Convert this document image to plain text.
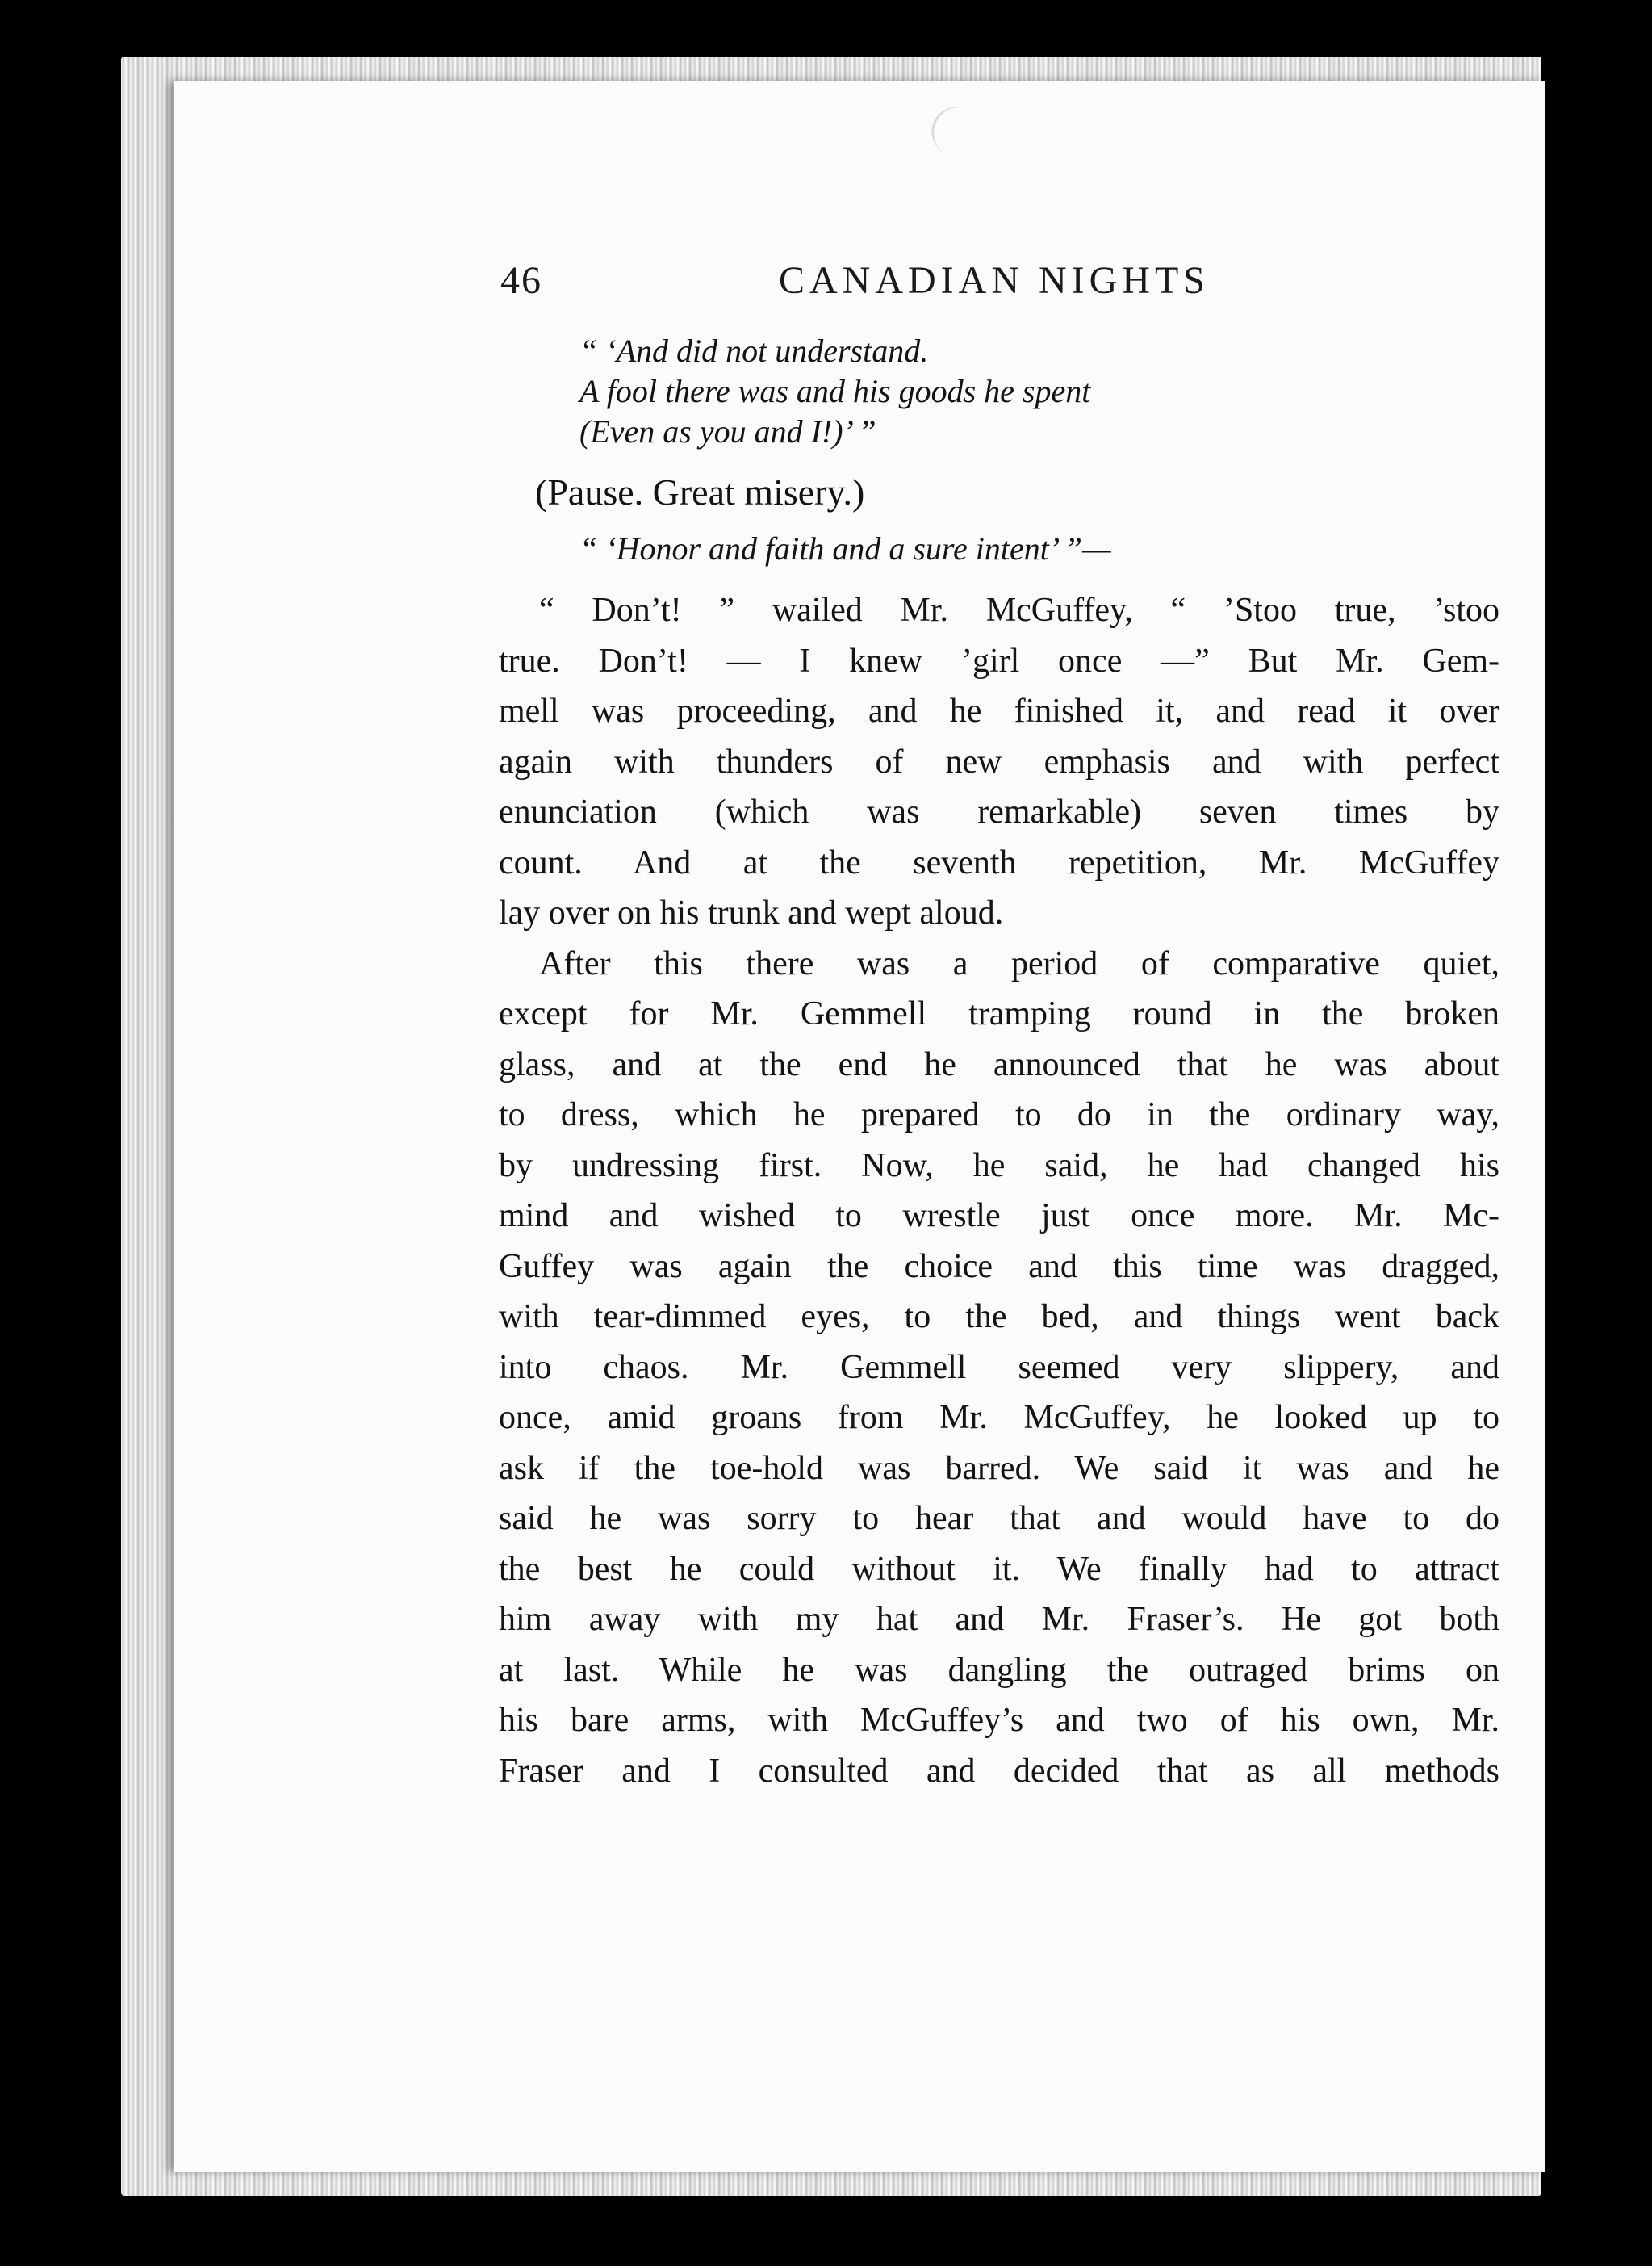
46	CANADIAN NIGHTS
“ ‘And did not understand.
A fool there was and his goods he spent
(Even as you and I!)’ ”
(Pause. Great misery.)
“ ‘Honor and faith and a sure intent’ ”—
“ Don’t! ” wailed Mr. McGuffey, “ ’Stoo true, ’stoo
true. Don’t! — I knew ’girl once —” But Mr. Gem-
mell was proceeding, and he finished it, and read it over
again with thunders of new emphasis and with perfect
enunciation (which was remarkable) seven times by
count. And at the seventh repetition, Mr. McGuffey
lay over on his trunk and wept aloud.
After this there was a period of comparative quiet,
except for Mr. Gemmell tramping round in the broken
glass, and at the end he announced that he was about
to dress, which he prepared to do in the ordinary way,
by undressing first. Now, he said, he had changed his
mind and wished to wrestle just once more. Mr. Mc-
Guffey was again the choice and this time was dragged,
with tear-dimmed eyes, to the bed, and things went back
into chaos. Mr. Gemmell seemed very slippery, and
once, amid groans from Mr. McGuffey, he looked up to
ask if the toe-hold was barred. We said it was and he
said he was sorry to hear that and would have to do
the best he could without it. We finally had to attract
him away with my hat and Mr. Fraser’s. He got both
at last. While he was dangling the outraged brims on
his bare arms, with McGuffey’s and two of his own, Mr.
Fraser and I consulted and decided that as all methods
